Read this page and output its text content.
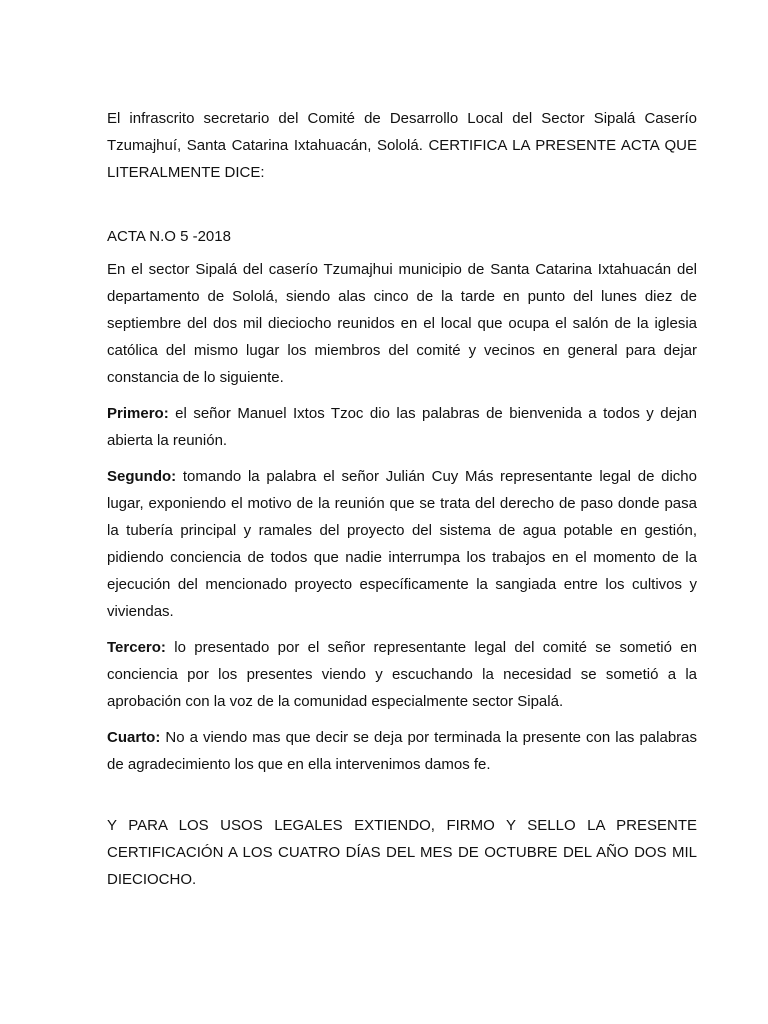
El infrascrito secretario del Comité de Desarrollo Local del Sector Sipalá Caserío Tzumajhuí, Santa Catarina Ixtahuacán, Sololá. CERTIFICA LA PRESENTE ACTA QUE LITERALMENTE DICE:

ACTA N.O 5 -2018

En el sector Sipalá del caserío Tzumajhui municipio de Santa Catarina Ixtahuacán del departamento de Sololá, siendo alas cinco de la tarde en punto del lunes diez de septiembre del dos mil dieciocho reunidos en el local que ocupa el salón de la iglesia católica del mismo lugar los miembros del comité y vecinos en general para dejar constancia de lo siguiente.

Primero: el señor Manuel Ixtos Tzoc dio las palabras de bienvenida a todos y dejan abierta la reunión.

Segundo: tomando la palabra el señor Julián Cuy Más representante legal de dicho lugar, exponiendo el motivo de la reunión que se trata del derecho de paso donde pasa la tubería principal y ramales del proyecto del sistema de agua potable en gestión, pidiendo conciencia de todos que nadie interrumpa los trabajos en el momento de la ejecución del mencionado proyecto específicamente la sangiada entre los cultivos y viviendas.

Tercero: lo presentado por el señor representante legal del comité se sometió en conciencia por los presentes viendo y escuchando la necesidad se sometió a la aprobación con la voz de la comunidad especialmente sector Sipalá.

Cuarto: No a viendo mas que decir se deja por terminada la presente con las palabras de agradecimiento los que en ella intervenimos damos fe.

Y PARA LOS USOS LEGALES EXTIENDO, FIRMO Y SELLO LA PRESENTE CERTIFICACIÓN A LOS CUATRO DÍAS DEL MES DE OCTUBRE DEL AÑO DOS MIL DIECIOCHO.
